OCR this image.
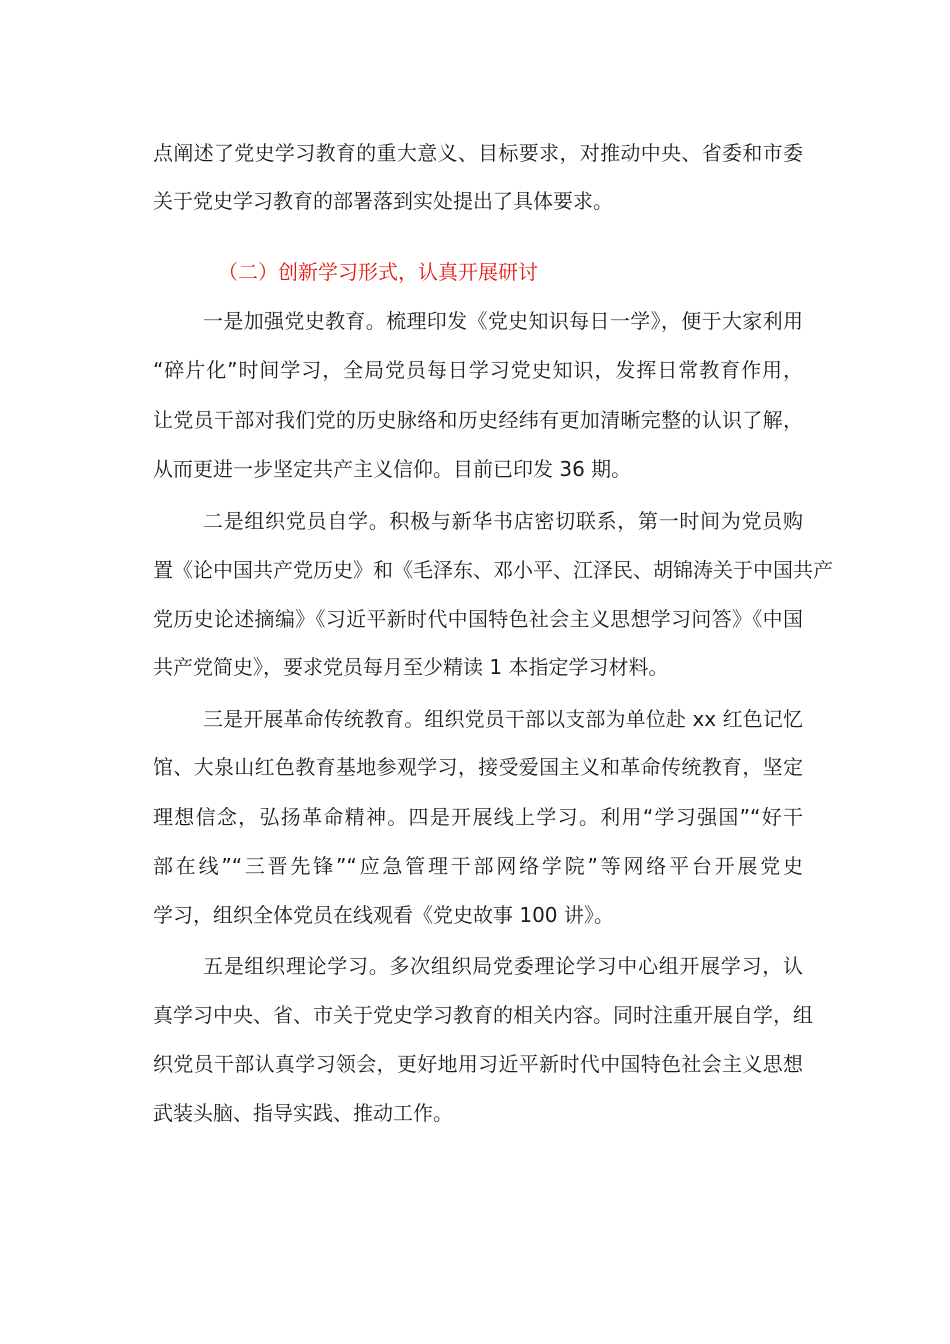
点阐述了党史学习教育的重大意义、目标要求，对推动中央、省委和市委
关于党史学习教育的部署落到实处提出了具体要求。
（二）创新学习形式，认真开展研讨
一是加强党史教育。梳理印发《党史知识每日一学》，便于大家利用
“碎片化”时间学习，全局党员每日学习党史知识，发挥日常教育作用，
让党员干部对我们党的历史脉络和历史经纬有更加清晰完整的认识了解，
从而更进一步坚定共产主义信仰。目前已印发 36 期。
二是组织党员自学。积极与新华书店密切联系，第一时间为党员购
置《论中国共产党历史》和《毛泽东、邓小平、江泽民、胡锦涛关于中国共产
党历史论述摘编》《习近平新时代中国特色社会主义思想学习问答》《中国
共产党简史》，要求党员每月至少精读 1 本指定学习材料。
三是开展革命传统教育。组织党员干部以支部为单位赴 xx 红色记忆
馆、大泉山红色教育基地参观学习，接受爱国主义和革命传统教育，坚定
理想信念，弘扬革命精神。四是开展线上学习。利用“学习强国”“好干
部在线”“三晋先锋”“应急管理干部网络学院”等网络平台开展党史
学习，组织全体党员在线观看《党史故事 100 讲》。
五是组织理论学习。多次组织局党委理论学习中心组开展学习，认
真学习中央、省、市关于党史学习教育的相关内容。同时注重开展自学，组
织党员干部认真学习领会，更好地用习近平新时代中国特色社会主义思想
武装头脑、指导实践、推动工作。
